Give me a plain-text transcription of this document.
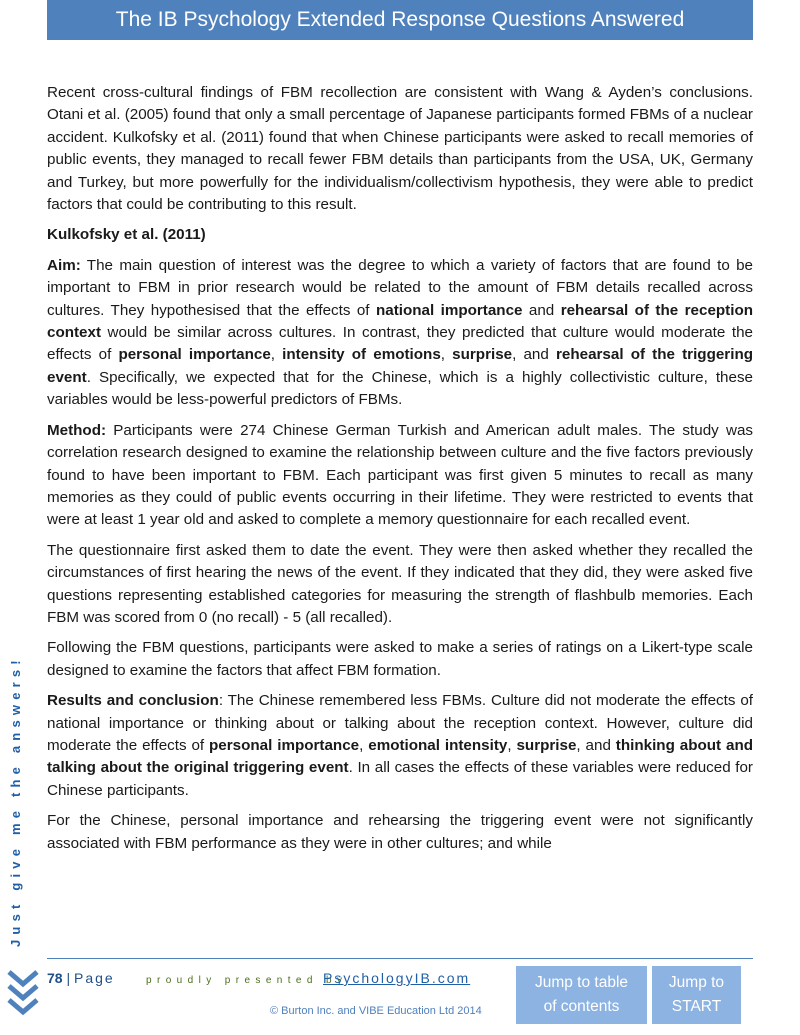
The IB Psychology Extended Response Questions Answered

Recent cross-cultural findings of FBM recollection are consistent with Wang & Ayden’s conclusions. Otani et al. (2005) found that only a small percentage of Japanese participants formed FBMs of a nuclear accident. Kulkofsky et al. (2011) found that when Chinese participants were asked to recall memories of public events, they managed to recall fewer FBM details than participants from the USA, UK, Germany and Turkey, but more powerfully for the individualism/collectivism hypothesis, they were able to predict factors that could be contributing to this result.

Kulkofsky et al. (2011)

Aim: The main question of interest was the degree to which a variety of factors that are found to be important to FBM in prior research would be related to the amount of FBM details recalled across cultures. They hypothesised that the effects of national importance and rehearsal of the reception context would be similar across cultures. In contrast, they predicted that culture would moderate the effects of personal importance, intensity of emotions, surprise, and rehearsal of the triggering event. Specifically, we expected that for the Chinese, which is a highly collectivistic culture, these variables would be less-powerful predictors of FBMs.

Method: Participants were 274 Chinese German Turkish and American adult males. The study was correlation research designed to examine the relationship between culture and the five factors previously found to have been important to FBM. Each participant was first given 5 minutes to recall as many memories as they could of public events occurring in their lifetime. They were restricted to events that were at least 1 year old and asked to complete a memory questionnaire for each recalled event.

The questionnaire first asked them to date the event. They were then asked whether they recalled the circumstances of first hearing the news of the event. If they indicated that they did, they were asked five questions representing established categories for measuring the strength of flashbulb memories. Each FBM was scored from 0 (no recall) - 5 (all recalled).

Following the FBM questions, participants were asked to make a series of ratings on a Likert-type scale designed to examine the factors that affect FBM formation.

Results and conclusion: The Chinese remembered less FBMs. Culture did not moderate the effects of national importance or thinking about or talking about the reception context. However, culture did moderate the effects of personal importance, emotional intensity, surprise, and thinking about and talking about the original triggering event. In all cases the effects of these variables were reduced for Chinese participants.

For the Chinese, personal importance and rehearsing the triggering event were not significantly associated with FBM performance as they were in other cultures; and while

Just give me the answers!
78 | Page	proudly presented by
PsychologyIB.com
© Burton Inc. and VIBE Education Ltd 2014
Jump to table
of contents
Jump to
START
